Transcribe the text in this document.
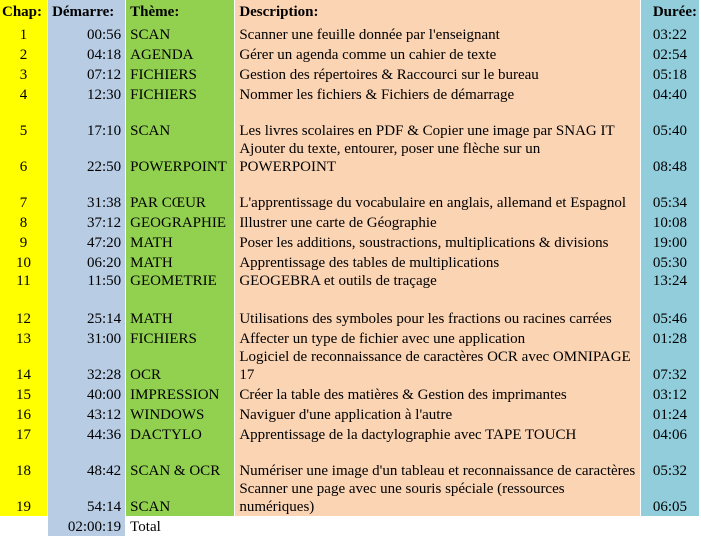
Chap:	Démarre:	Thème:	Description:	Durée:
1	00:56	SCAN	Scanner une feuille donnée par l'enseignant	03:22
2	04:18	AGENDA	Gérer un agenda comme un cahier de texte	02:54
3	07:12	FICHIERS	Gestion des répertoires & Raccourci sur le bureau	05:18
4	12:30	FICHIERS	Nommer les fichiers & Fichiers de démarrage	04:40
5	17:10	SCAN	Les livres scolaires en PDF & Copier une image par SNAG IT	05:40
6	22:50	POWERPOINT	Ajouter du texte, entourer, poser une flèche sur un POWERPOINT	08:48
7	31:38	PAR CŒUR	L'apprentissage du vocabulaire en anglais, allemand et Espagnol	05:34
8	37:12	GEOGRAPHIE	Illustrer une carte de Géographie	10:08
9	47:20	MATH	Poser les additions, soustractions, multiplications & divisions	19:00
10	06:20	MATH	Apprentissage des tables de multiplications	05:30
11	11:50	GEOMETRIE	GEOGEBRA et outils de traçage	13:24
12	25:14	MATH	Utilisations des symboles pour les fractions ou racines carrées	05:46
13	31:00	FICHIERS	Affecter un type de fichier avec une application	01:28
14	32:28	OCR	Logiciel de reconnaissance de caractères OCR avec OMNIPAGE 17	07:32
15	40:00	IMPRESSION	Créer la table des matières & Gestion des imprimantes	03:12
16	43:12	WINDOWS	Naviguer d'une application à l'autre	01:24
17	44:36	DACTYLO	Apprentissage de la dactylographie avec TAPE TOUCH	04:06
18	48:42	SCAN & OCR	Numériser une image d'un tableau et reconnaissance de caractères	05:32
19	54:14	SCAN	Scanner une page avec une souris spéciale (ressources numériques)	06:05
	02:00:19	Total		
